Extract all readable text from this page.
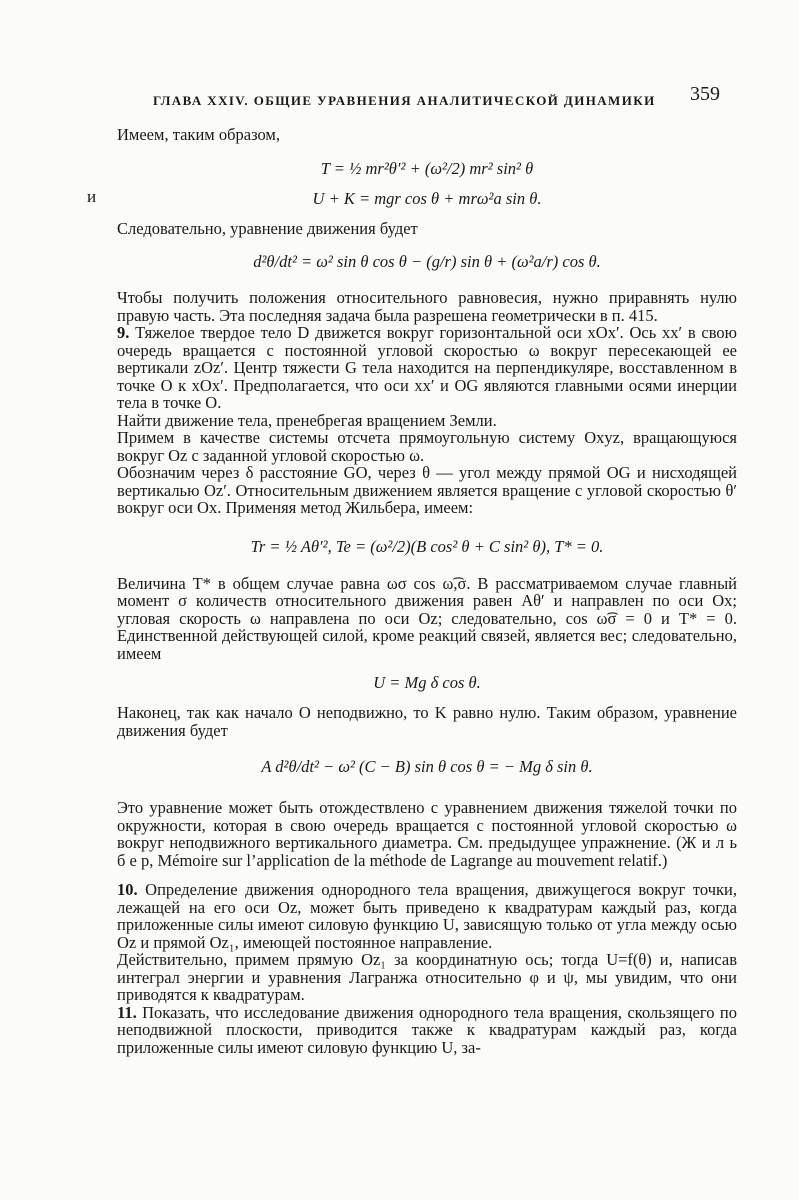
ГЛАВА XXIV. ОБЩИЕ УРАВНЕНИЯ АНАЛИТИЧЕСКОЙ ДИНАМИКИ 359
и

Имеем, таким образом,

T = ½ mr²θ′² + (ω²/2) mr² sin² θ
U + K = mgr cos θ + mrω²a sin θ.

Следовательно, уравнение движения будет

d²θ/dt² = ω² sin θ cos θ − (g/r) sin θ + (ω²a/r) cos θ.

Чтобы получить положения относительного равновесия, нужно приравнять нулю правую часть. Эта последняя задача была разрешена геометрически в п. 415.

9. Тяжелое твердое тело D движется вокруг горизонтальной оси xOx′. Ось xx′ в свою очередь вращается с постоянной угловой скоростью ω вокруг пересекающей ее вертикали zOz′. Центр тяжести G тела находится на перпендикуляре, восставленном в точке O к xOx′. Предполагается, что оси xx′ и OG являются главными осями инерции тела в точке O.

Найти движение тела, пренебрегая вращением Земли.

Примем в качестве системы отсчета прямоугольную систему Oxyz, вращающуюся вокруг Oz с заданной угловой скоростью ω.

Обозначим через δ расстояние GO, через θ — угол между прямой OG и нисходящей вертикалью Oz′. Относительным движением является вращение с угловой скоростью θ′ вокруг оси Ox. Применяя метод Жильбера, имеем:

Tr = ½ Aθ′², Te = (ω²/2)(B cos² θ + C sin² θ), T* = 0.

Величина T* в общем случае равна ωσ cos ω͡,σ. В рассматриваемом случае главный момент σ количеств относительного движения равен Aθ′ и направлен по оси Ox; угловая скорость ω направлена по оси Oz; следовательно, cos ω͡σ = 0 и T* = 0. Единственной действующей силой, кроме реакций связей, является вес; следовательно, имеем

U = Mg δ cos θ.

Наконец, так как начало O неподвижно, то K равно нулю. Таким образом, уравнение движения будет

A d²θ/dt² − ω² (C − B) sin θ cos θ = − Mg δ sin θ.

Это уравнение может быть отождествлено с уравнением движения тяжелой точки по окружности, которая в свою очередь вращается с постоянной угловой скоростью ω вокруг неподвижного вертикального диаметра. См. предыдущее упражнение. (Ж и л ь б е р, Mémoire sur l’application de la méthode de Lagrange au mouvement relatif.)

10. Определение движения однородного тела вращения, движущегося вокруг точки, лежащей на его оси Oz, может быть приведено к квадратурам каждый раз, когда приложенные силы имеют силовую функцию U, зависящую только от угла между осью Oz и прямой Oz₁, имеющей постоянное направление.

Действительно, примем прямую Oz₁ за координатную ось; тогда U=f(θ) и, написав интеграл энергии и уравнения Лагранжа относительно φ и ψ, мы увидим, что они приводятся к квадратурам.

11. Показать, что исследование движения однородного тела вращения, скользящего по неподвижной плоскости, приводится также к квадратурам каждый раз, когда приложенные силы имеют силовую функцию U, за-
